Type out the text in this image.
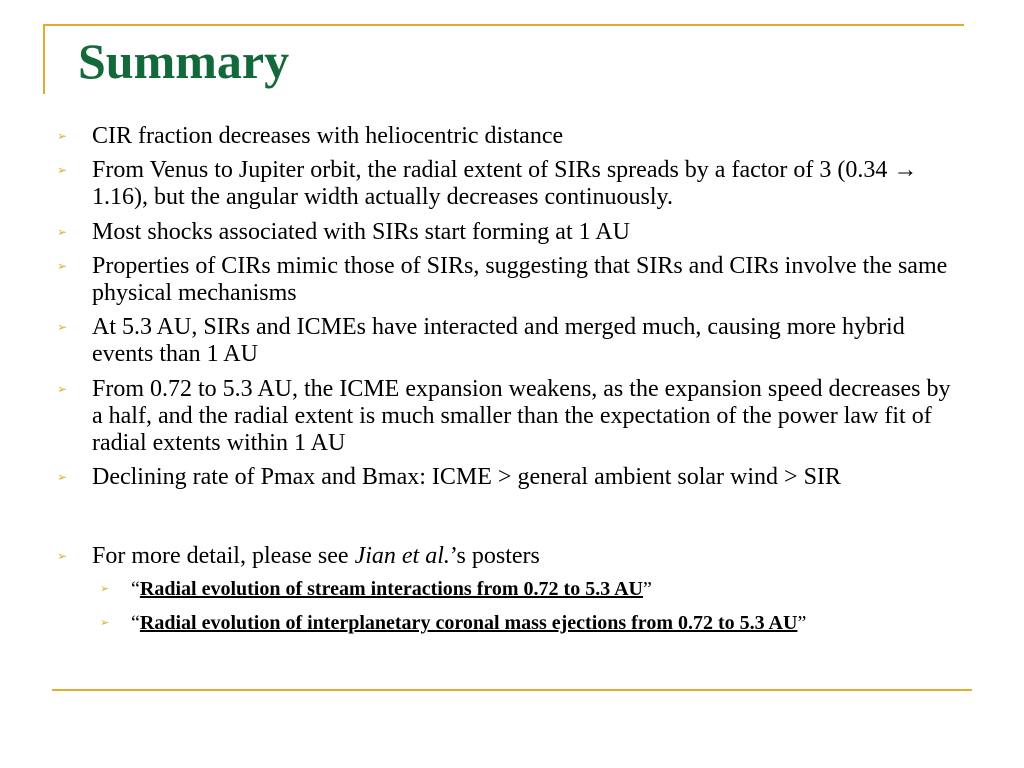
Summary
➢ CIR fraction decreases with heliocentric distance
➢ From Venus to Jupiter orbit, the radial extent of SIRs spreads by a factor of 3 (0.34 → 1.16), but the angular width actually decreases continuously.
➢ Most shocks associated with SIRs start forming at 1 AU
➢ Properties of CIRs mimic those of SIRs, suggesting that SIRs and CIRs involve the same physical mechanisms
➢ At 5.3 AU, SIRs and ICMEs have interacted and merged much, causing more hybrid events than 1 AU
➢ From 0.72 to 5.3 AU, the ICME expansion weakens, as the expansion speed decreases by a half, and the radial extent is much smaller than the expectation of the power law fit of radial extents within 1 AU
➢ Declining rate of Pmax and Bmax: ICME > general ambient solar wind > SIR
➢ For more detail, please see Jian et al.’s posters
➢ “Radial evolution of stream interactions from 0.72 to 5.3 AU”
➢ “Radial evolution of interplanetary coronal mass ejections from 0.72 to 5.3 AU”
